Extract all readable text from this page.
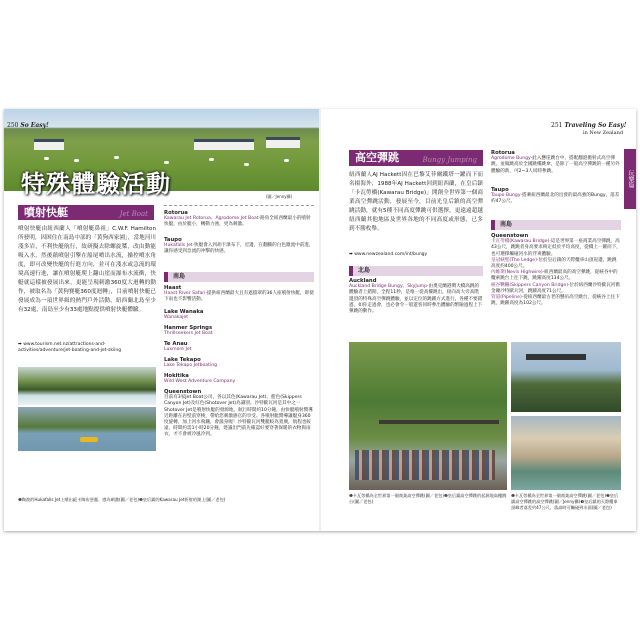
250 So Easy!
特殊體驗活動	(圖／Jenny攝)
噴射快艇	Jet Boat
噴射快艇由紐西蘭人「噴射艇鼻祖」C.W.F. Hamilton所發明，因困住在南島中部的「黃狗西家園」，當地河川淺多岩，不利快艇航行，故研擬去除螺旋槳，改由動能吸入水，然後藉噴射引擎在船尾噴出水流，操控噴水角度，即可改變快艇的行進方向，並可在淺水或急流的環境高速行進，讓在噴射艇爬上翻山崖而瀑布水流衝，快艇就這樣被發展出來，更能呈現刺激360度大迴轉的動作，被取名為「黃狗賽艇360度迴轉」，目前噴射快艇已發展成為一項世界級的熱門戶外活動，紐西蘭北島至少有32處，南島至少有33處地點提供噴射快艇體驗。
➡ www.tourism.net.nz/attractions-and-activities/adventure/jet-boating-and-jet-skiing
❶陶波的Hukafalls Jet上噴出絕卡陶布惡靈、感為刺激(圖／老包)❷皇后鎮的Kawarau Jet折射的湖上(圖／老包)
Rotorua
Kawarau Jet Rotorua、Agrodome Jet Boat·路角全紐西蘭最小的噴射快艇，由於艇小，轉動力強，更為刺激。
Taupo
Hukafalls Jet·快艇會入到胡卡瀑布下，近邊，在翻騰的白色激流中前進，讓你感受到急流的冲擊的快感。
南島
Haast
Haast River Safari·提供紐西蘭最大且有遮擋罩的36人座噴射快艇，即使下雨也不影響活動。
Lake Wanaka
Wanakajet
Hanmer Springs
Thrillseekers Jet Boat
Te Anau
Luxmore Jet
Lake Tekapo
Lake Tekapo Jetboating
Hokitika
Wild West Adventure Company
Queenstown
目前有3家Jet Boat公司，各以其色(Kawarau Jet)、藍色(Skippers Canyon Jet)及紅色(Shotover Jet)為識別。沙特歐瓦河是其中之一Shotover Jet是噴射快艇的發源地，航行時間約10分鐘，由快艇噴射嚮導近距離在岩壁前穿梭，帶給您刺激感官的享受。各噴射艇嚮導讓艇身360度旋轉，加上河水飛濺，會濕身喔！沙特歐瓦河雙艇較為寬廣，航程也較遠，時間約需1小時20分鐘，建議出門前先確認好要穿著保暖的衣物與雨衣，才不會被冷風冷到。
251 Traveling So Easy!
in New Zealand
玩樂篇
高空彈跳	Bungy Jumping
紐西蘭人AJ Hackett因在巴黎艾菲爾鐵塔一躍而下而名揚海外，1988年AJ Hackett回到紐西蘭，在皇后鎮「卡瓦勞橋(Kawarau Bridge)」開創全世界第一個商業高空彈跳活動，發展至今，目前光皇后鎮的高空彈跳活動，就有5種不同高度彈跳可供選擇，更遠遠超越紐西蘭其他地區及世界各地的不同高度或形態，已多到不勝枚舉。
➡ www.newzealand.com/int/bungy
北島
Auckland
Auckland Bridge Bungy、SkyJump·由奧克蘭港灣大橋高跳的體驗者上錯開，全程11秒，是唯一從高樓跳出，接向高大旁高階邊頂的特殊高空彈跳體驗，並以定位的跳躍方式進行，各種不要錯過，如你走過會，也必會令一般遊客同時參出體驗的繁險過程上下彈跳的動作。
Rotorua
Agrodome Bungy·此入懸崖跳台中，搭配翻滾拋射式高空彈跳，並做跳高於全國跳樓跳傘，是除了一般高空彈跳的一種另外體驗的新，可2~3人同時參跳。
Taupo
Taupo Bungy·搭乘紐西蘭最北的出發的最高強的Bungy，落差約47公尺。
南島
Queenstown
卡瓦勞橋(Kawarau Bridge)·這是世界第一座商業高空彈跳，高43公尺，跳跳者身高要求夠定低於平均高度，從橋上一躍而下，也可選擇觸碰河水的浮爽體驗。
皇冠峽壁(The Ledge)·位於皇后鎮的天際纜車山頂崖邊，跳跳高度約400公尺。
內維斯(Nevis Highwire)·紐西蘭最高的高空彈跳，從峽谷中的纜索跳台上往下跳，跳躍高度134公尺。
峽谷鞦韆(Skippers Canyon Bridge)·位於紐西蘭沙特歐瓦河舊金礦沙特歐瓦河，跳躍高度71公尺。
管道(Pipeline)·從紐西蘭最古老的懸吊高空跳台，從峽谷上往下跳，跳躍高度為102公尺。
❶卡瓦勞橋為全世界第一個商業高空彈跳(圖／老包)❷皇后鎮高空彈跳的起源地高樓跳台(圖／老包)
❶卡瓦勞橋為全世界第一個商業高空彈跳(圖／老包)❷皇后鎮高空彈跳的高空彈跳(圖／Jenny攝)❸皇后鎮的天際纜車頂峰者落差約47公尺，落高時可觸碰到水面(圖／老包)
